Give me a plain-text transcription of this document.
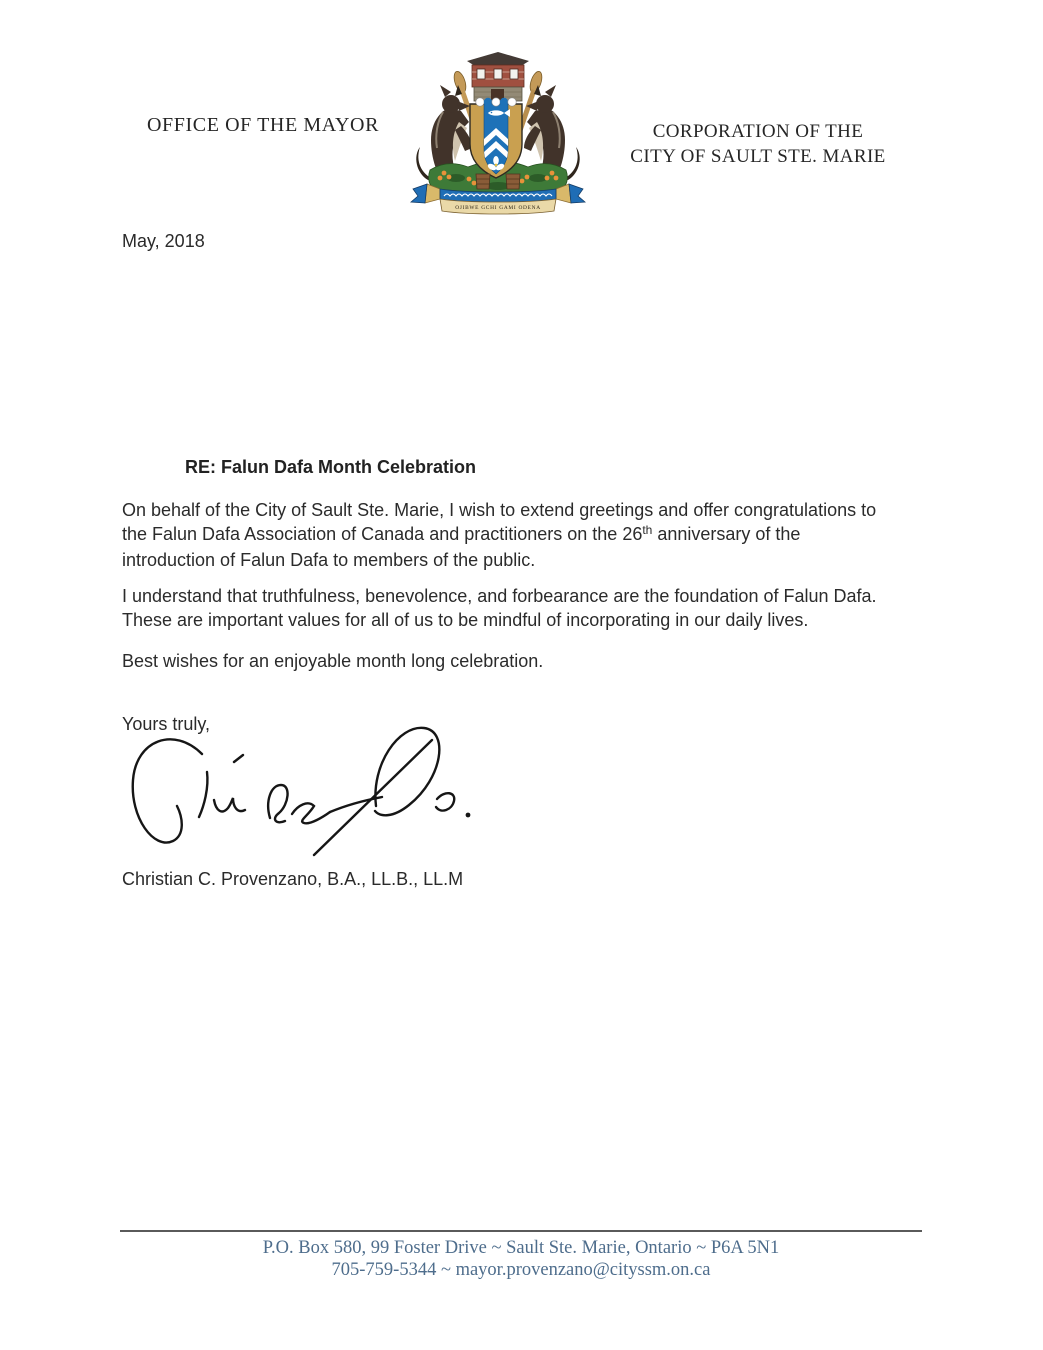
OFFICE OF THE MAYOR
OJIBWE GCHI GAMI ODENA
CORPORATION OF THE
CITY OF SAULT STE. MARIE
May, 2018
RE: Falun Dafa Month Celebration
On behalf of the City of Sault Ste. Marie, I wish to extend greetings and offer congratulations to
the Falun Dafa Association of Canada and practitioners on the 26th anniversary of the
introduction of Falun Dafa to members of the public.
I understand that truthfulness, benevolence, and forbearance are the foundation of Falun Dafa.
These are important values for all of us to be mindful of incorporating in our daily lives.
Best wishes for an enjoyable month long celebration.
Yours truly,
Christian C. Provenzano, B.A., LL.B., LL.M
P.O. Box 580, 99 Foster Drive ~ Sault Ste. Marie, Ontario ~ P6A 5N1
705-759-5344 ~ mayor.provenzano@cityssm.on.ca
